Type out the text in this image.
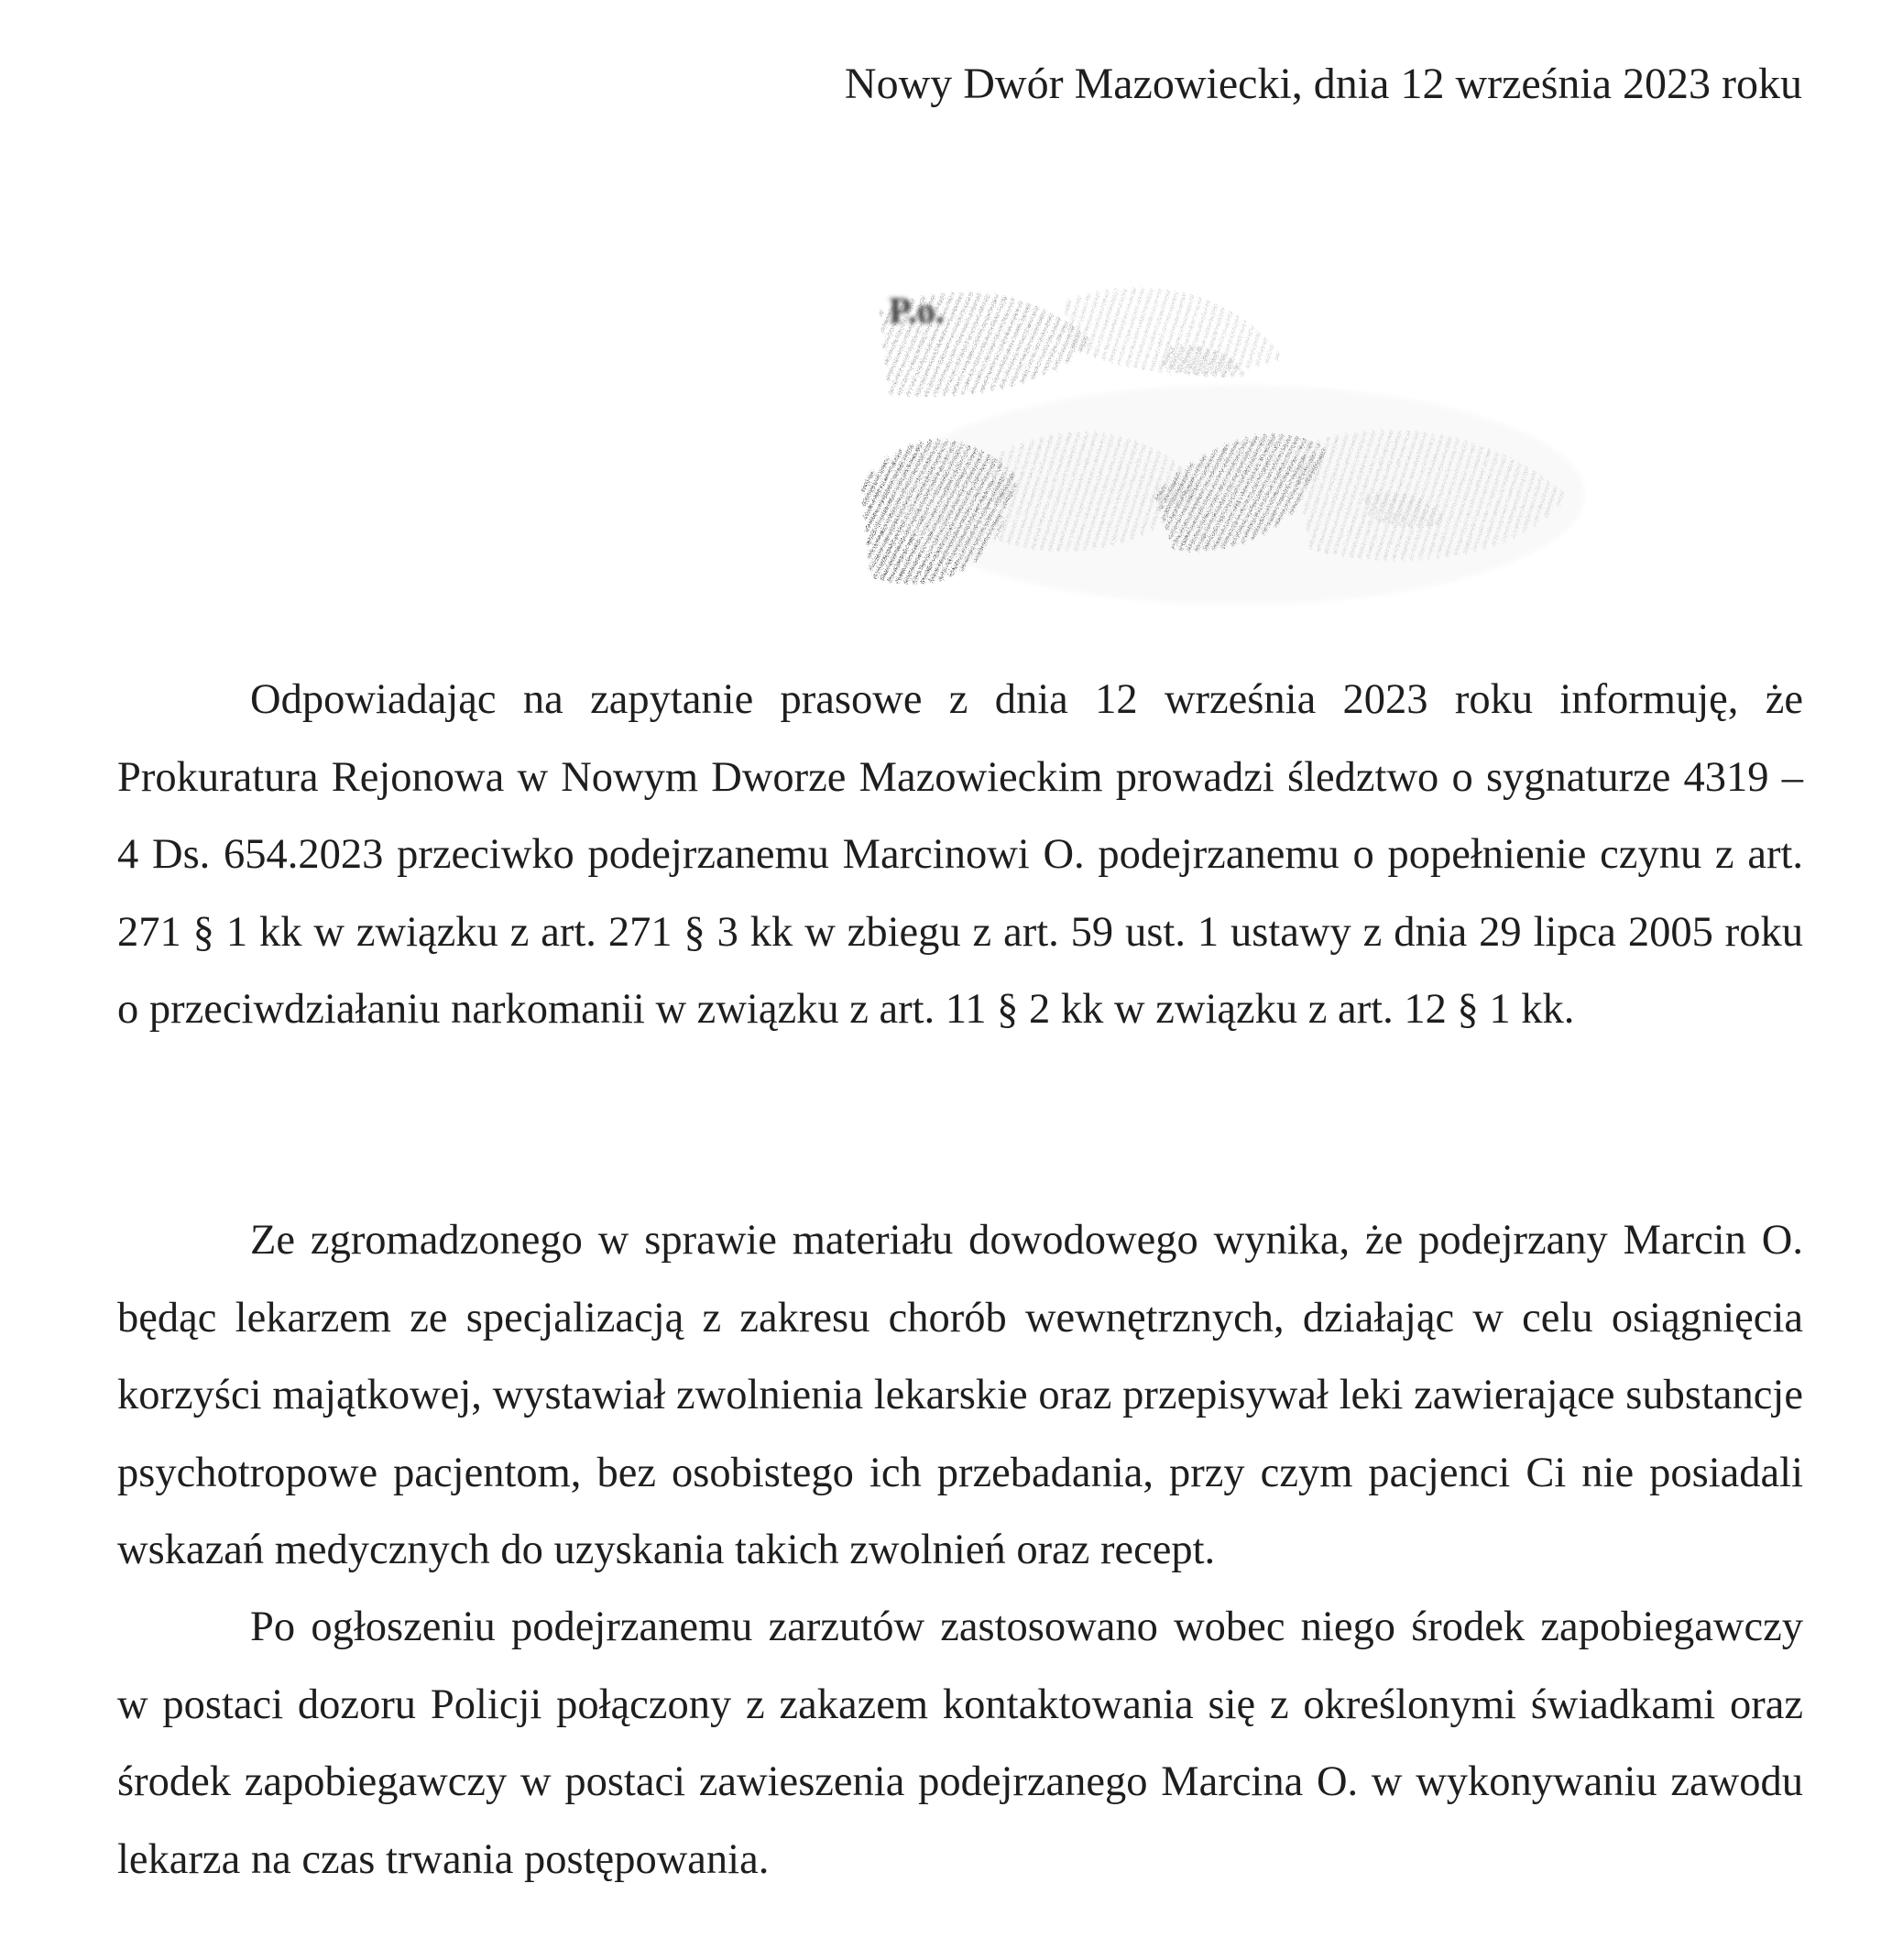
Nowy Dwór Mazowiecki, dnia 12 września 2023 roku
P.o.

Odpowiadając na zapytanie prasowe z dnia 12 września 2023 roku informuję, że Prokuratura Rejonowa w Nowym Dworze Mazowieckim prowadzi śledztwo o sygnaturze 4319 – 4 Ds. 654.2023 przeciwko podejrzanemu Marcinowi O. podejrzanemu o popełnienie czynu z art. 271 § 1 kk w związku z art. 271 § 3 kk w zbiegu z art. 59 ust. 1 ustawy z dnia 29 lipca 2005 roku o przeciwdziałaniu narkomanii w związku z art. 11 § 2 kk w związku z art. 12 § 1 kk.

Ze zgromadzonego w sprawie materiału dowodowego wynika, że podejrzany Marcin O. będąc lekarzem ze specjalizacją z zakresu chorób wewnętrznych, działając w celu osiągnięcia korzyści majątkowej, wystawiał zwolnienia lekarskie oraz przepisywał leki zawierające substancje psychotropowe pacjentom, bez osobistego ich przebadania, przy czym pacjenci Ci nie posiadali wskazań medycznych do uzyskania takich zwolnień oraz recept.

Po ogłoszeniu podejrzanemu zarzutów zastosowano wobec niego środek zapobiegawczy w postaci dozoru Policji połączony z zakazem kontaktowania się z określonymi świadkami oraz środek zapobiegawczy w postaci zawieszenia podejrzanego Marcina O. w wykonywaniu zawodu lekarza na czas trwania postępowania.
